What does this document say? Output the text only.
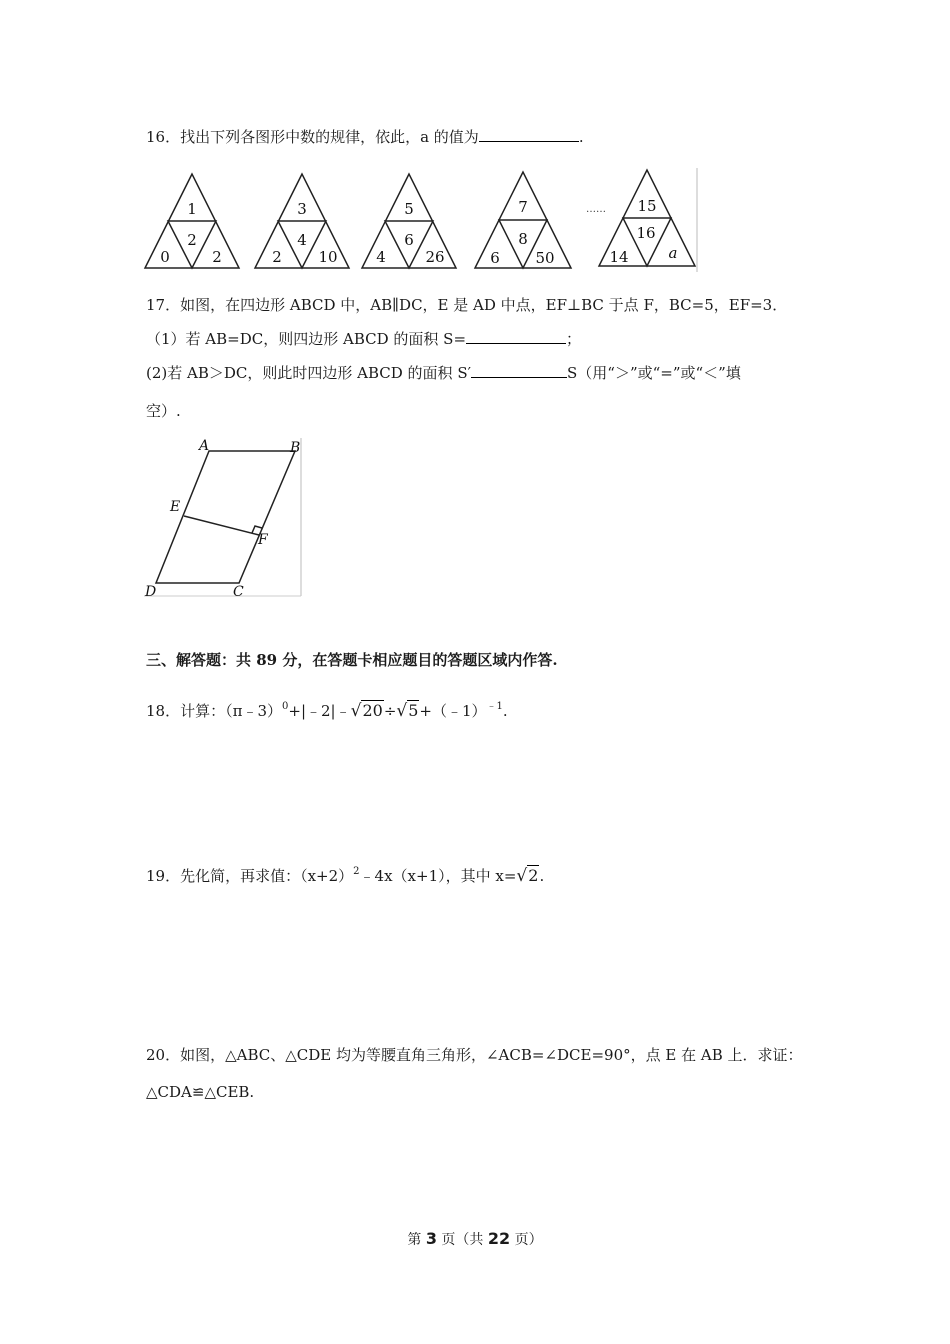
16．找出下列各图形中数的规律，依此，a 的值为	.
1
2
0	2
3
4
2 10
5
6
4	26
7
8
6 50
15
16
14	a
……
17．如图，在四边形 ABCD 中，AB∥DC，E 是 AD 中点，EF⊥BC 于点 F，BC=5，EF=3．
（1）若 AB=DC，则四边形 ABCD 的面积 S=	；
(2)若 AB＞DC，则此时四边形 ABCD 的面积 S′	S（用“＞”或“=”或“＜”填
空）.
A	B
E
F
D	C
三、解答题：共 89 分，在答题卡相应题目的答题区域内作答.
18．计算：（π﹣3）$^0$+|﹣2|﹣√20÷√5+（﹣1）$^{﹣1}$.
19．先化简，再求值：$(x+2)^2﹣4x(x+1)$，其中 x=√2.
20．如图，△ABC、△CDE 均为等腰直角三角形，∠ACB=∠DCE=90°，点 E 在 AB 上．求证：
△CDA≌△CEB.
第 3 页（共 22 页）
